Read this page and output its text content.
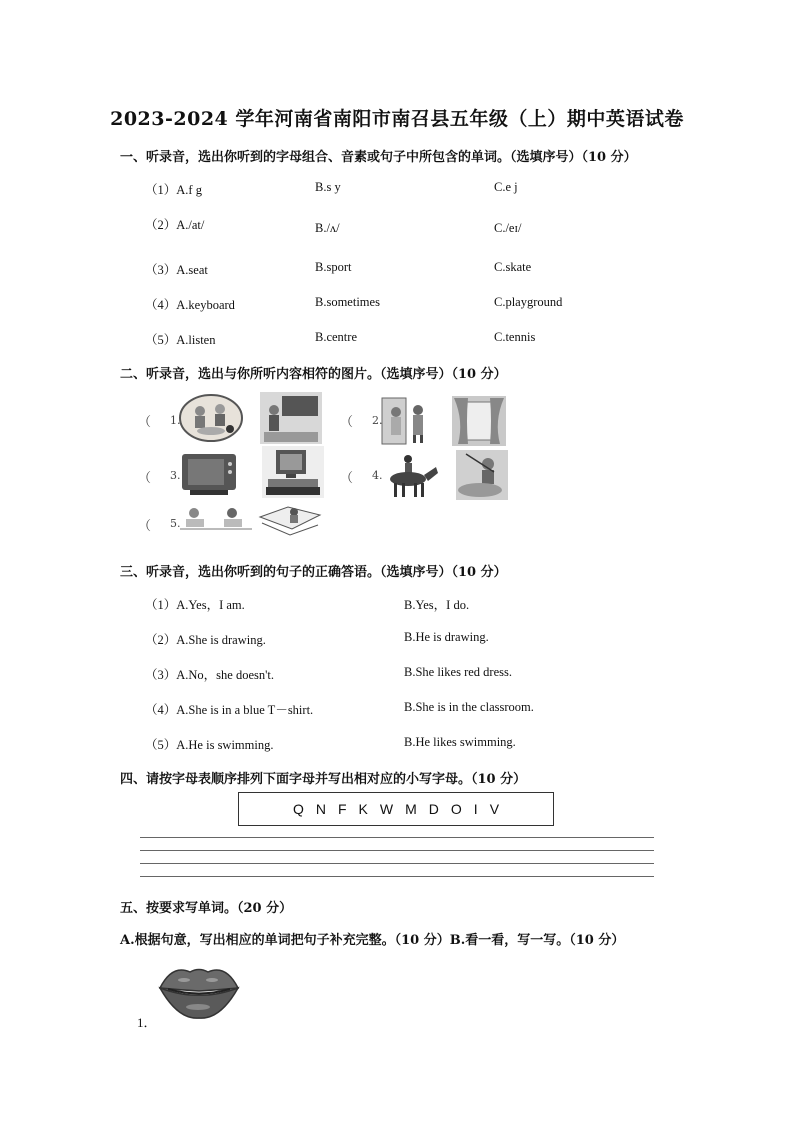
2023-2024 学年河南省南阳市南召县五年级（上）期中英语试卷
一、听录音，选出你听到的字母组合、音素或句子中所包含的单词。（选填序号）（10 分）
（1）A.f g	B.s y	C.e j
（2）A./at/	B./ʌ/	C./eɪ/
（3）A.seat	B.sport	C.skate
（4）A.keyboard	B.sometimes	C.playground
（5）A.listen	B.centre	C.tennis
二、听录音，选出与你所听内容相符的图片。（选填序号）（10 分）
（ 1.	（ 2.
（ 3.	（ 4.
（ 5.
三、听录音，选出你听到的句子的正确答语。（选填序号）（10 分）
（1）A.Yes，I am.	B.Yes，I do.
（2）A.She is drawing.	B.He is drawing.
（3）A.No，she doesn't.	B.She likes red dress.
（4）A.She is in a blue T－shirt.	B.She is in the classroom.
（5）A.He is swimming.	B.He likes swimming.
四、请按字母表顺序排列下面字母并写出相对应的小写字母。（10 分）
Q N F K W M D O I V
五、按要求写单词。（20 分）
A.根据句意，写出相应的单词把句子补充完整。（10 分）B.看一看，写一写。（10 分）
1．
